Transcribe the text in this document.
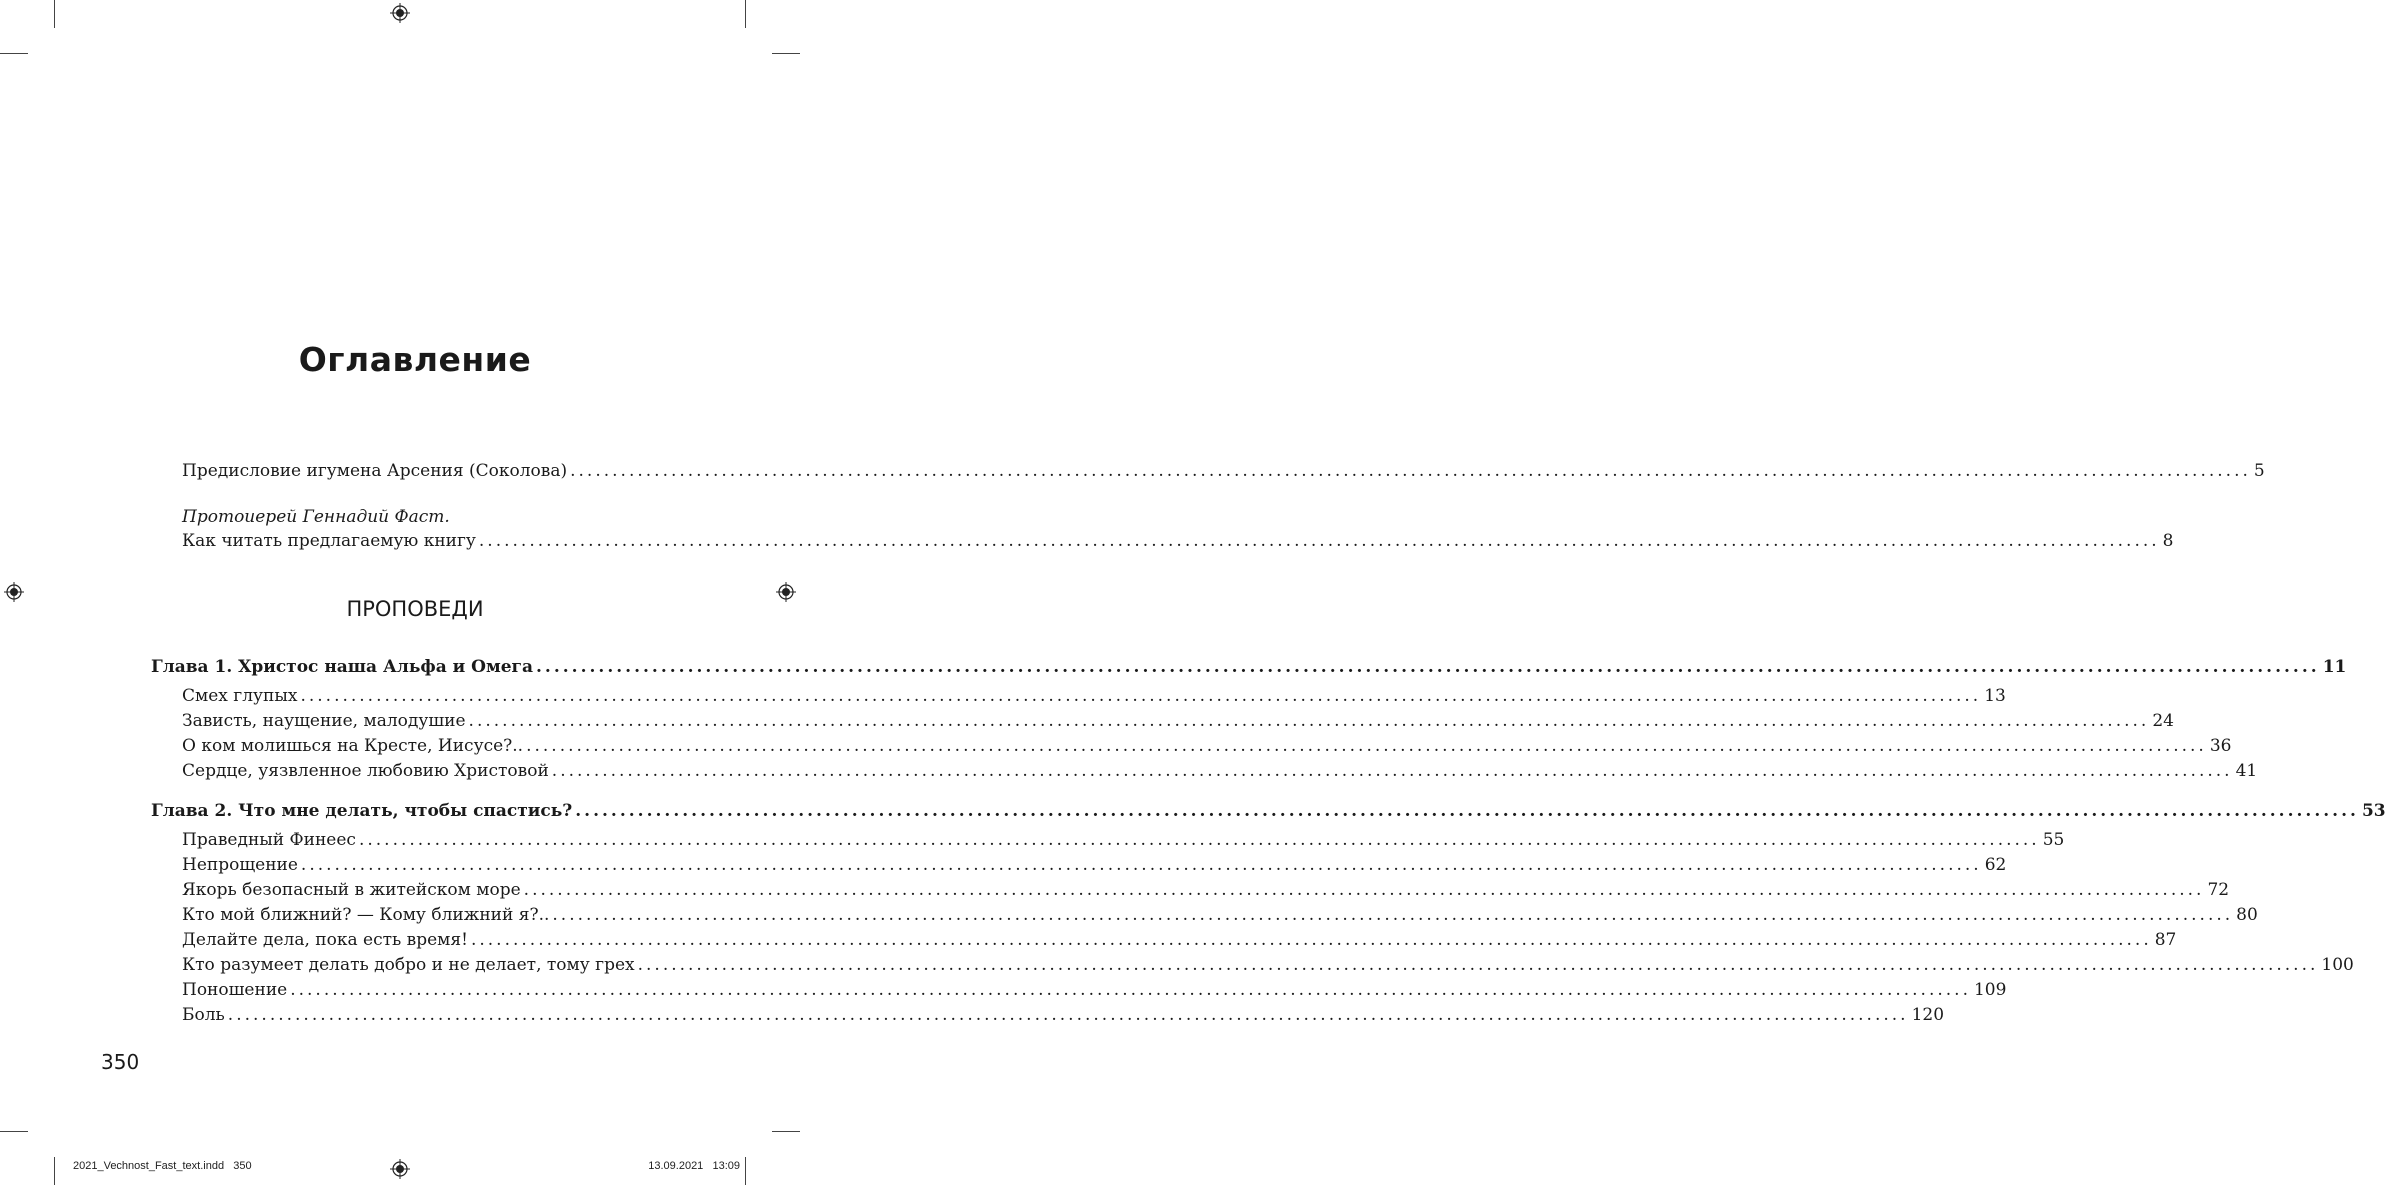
Оглавление
Предисловие игумена Арсения (Соколова) ........................................................................................................................................................................................................ 5
Протоиерей Геннадий Фаст.
Как читать предлагаемую книгу ........................................................................................................................................................................................................ 8
ПРОПОВЕДИ
Глава 1. Христос наша Альфа и Омега ........................................................................................................................................................................................................ 11
Смех глупых ........................................................................................................................................................................................................ 13
Зависть, наущение, малодушие ........................................................................................................................................................................................................ 24
О ком молишься на Кресте, Иисусе?.. ........................................................................................................................................................................................................ 36
Сердце, уязвленное любовию Христовой ........................................................................................................................................................................................................ 41
Глава 2. Что мне делать, чтобы спастись? ........................................................................................................................................................................................................ 53
Праведный Финеес ........................................................................................................................................................................................................ 55
Непрощение ........................................................................................................................................................................................................ 62
Якорь безопасный в житейском море ........................................................................................................................................................................................................ 72
Кто мой ближний? — Кому ближний я?.. ........................................................................................................................................................................................................ 80
Делайте дела, пока есть время! ........................................................................................................................................................................................................ 87
Кто разумеет делать добро и не делает, тому грех ........................................................................................................................................................................................................ 100
Поношение ........................................................................................................................................................................................................ 109
Боль ........................................................................................................................................................................................................ 120
350
2021_Vechnost_Fast_text.indd   350	13.09.2021   13:09
